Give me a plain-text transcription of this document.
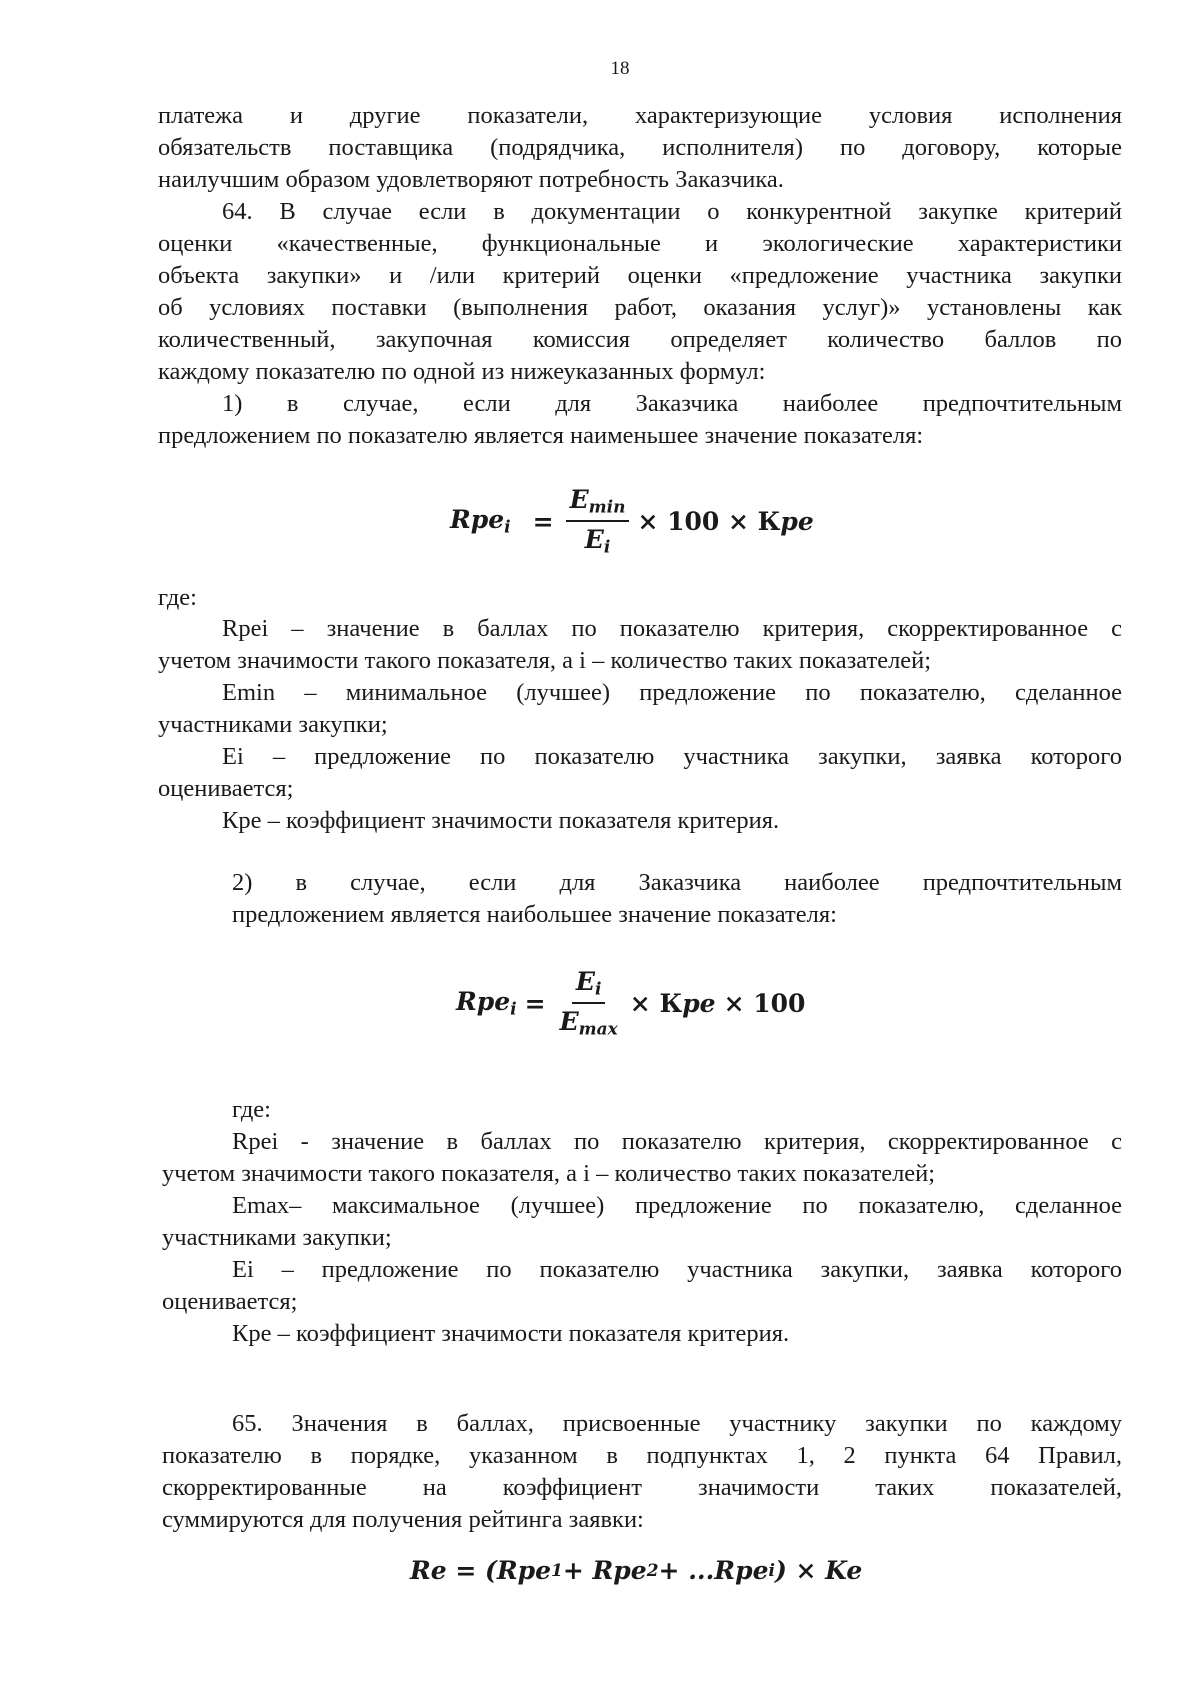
18
платежа и другие показатели, характеризующие условия исполнения
обязательств поставщика (подрядчика, исполнителя) по договору, которые
наилучшим образом удовлетворяют потребность Заказчика.
64. В случае если в документации о конкурентной закупке критерий
оценки «качественные, функциональные и экологические характеристики
объекта закупки» и /или критерий оценки «предложение участника закупки
об условиях поставки (выполнения работ, оказания услуг)» установлены как
количественный, закупочная комиссия определяет количество баллов по
каждому показателю по одной из нижеуказанных формул:
1) в случае, если для Заказчика наиболее предпочтительным
предложением по показателю является наименьшее значение показателя:
$Rpe_i = \frac{E_{min}}{E_i} \times 100 \times К$ pe
где:
Rpei – значение в баллах по показателю критерия, скорректированное с
учетом значимости такого показателя, а i – количество таких показателей;
Emin – минимальное (лучшее) предложение по показателю, сделанное
участниками закупки;
Ei – предложение по показателю участника закупки, заявка которого
оценивается;
Кре – коэффициент значимости показателя критерия.
2) в случае, если для Заказчика наиболее предпочтительным
предложением является наибольшее значение показателя:
$Rpe_i = \frac{E_i}{E_{max}} \times К$ pe × 100
где:
Rpei - значение в баллах по показателю критерия, скорректированное с
учетом значимости такого показателя, а i – количество таких показателей;
Emax– максимальное (лучшее) предложение по показателю, сделанное
участниками закупки;
Ei – предложение по показателю участника закупки, заявка которого
оценивается;
Кре – коэффициент значимости показателя критерия.
65. Значения в баллах, присвоенные участнику закупки по каждому
показателю в порядке, указанном в подпунктах 1, 2 пункта 64 Правил,
скорректированные на коэффициент значимости таких показателей,
суммируются для получения рейтинга заявки:
Re = (Rpe 1 + Rpe 2 + ...Rpe i ) × Ke
